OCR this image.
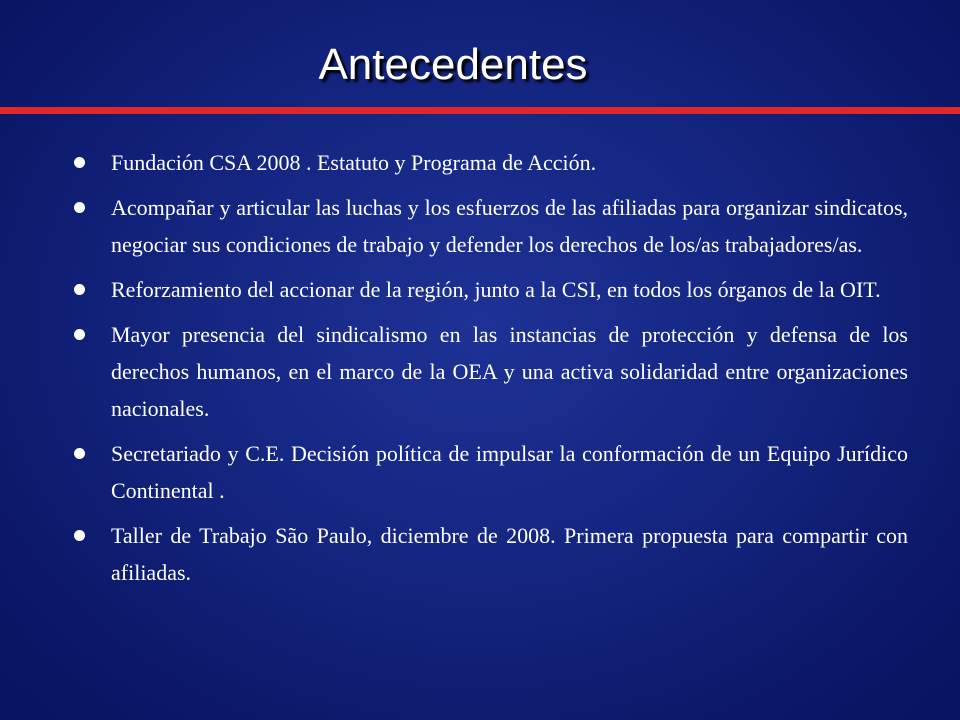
Antecedentes
Fundación CSA 2008 . Estatuto y Programa de Acción.
Acompañar y articular las luchas y los esfuerzos de las afiliadas para organizar sindicatos, negociar sus condiciones de trabajo y defender los derechos de los/as trabajadores/as.
Reforzamiento del accionar de la región, junto a la CSI, en todos los órganos de la OIT.
Mayor presencia del sindicalismo en las instancias de protección y defensa de los derechos humanos, en el marco de la OEA y una activa solidaridad entre organizaciones nacionales.
Secretariado y C.E. Decisión política de impulsar la conformación de un Equipo Jurídico Continental .
Taller de Trabajo São Paulo, diciembre de 2008. Primera propuesta para compartir con afiliadas.
